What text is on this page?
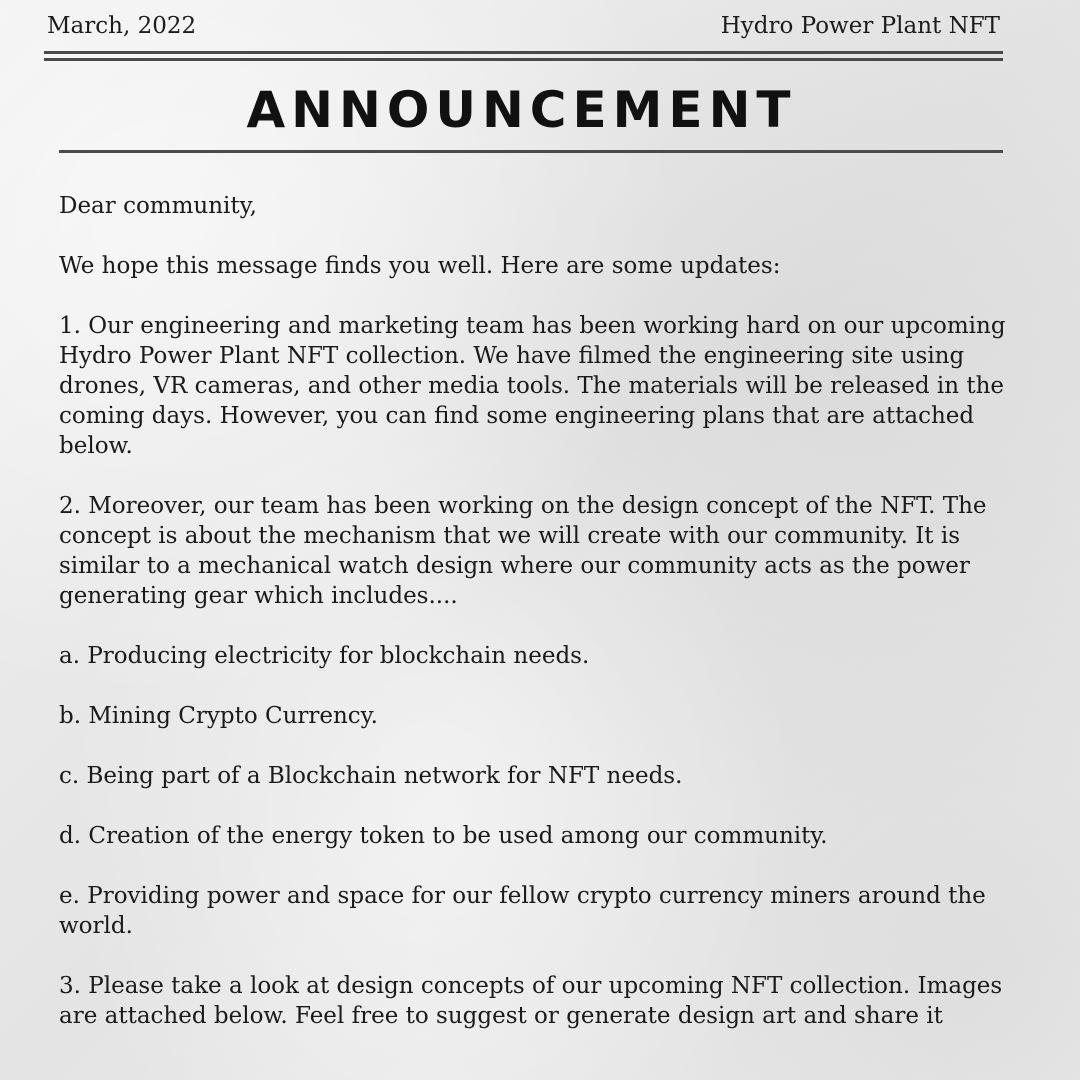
March, 2022	Hydro Power Plant NFT
ANNOUNCEMENT

Dear community,

We hope this message finds you well. Here are some updates:

1. Our engineering and marketing team has been working hard on our upcoming Hydro Power Plant NFT collection. We have filmed the engineering site using drones, VR cameras, and other media tools. The materials will be released in the coming days. However, you can find some engineering plans that are attached below.

2. Moreover, our team has been working on the design concept of the NFT. The concept is about the mechanism that we will create with our community. It is similar to a mechanical watch design where our community acts as the power generating gear which includes....

a. Producing electricity for blockchain needs.

b. Mining Crypto Currency.

c. Being part of a Blockchain network for NFT needs.

d. Creation of the energy token to be used among our community.

e. Providing power and space for our fellow crypto currency miners around the world.

3. Please take a look at design concepts of our upcoming NFT collection. Images are attached below. Feel free to suggest or generate design art and share it
